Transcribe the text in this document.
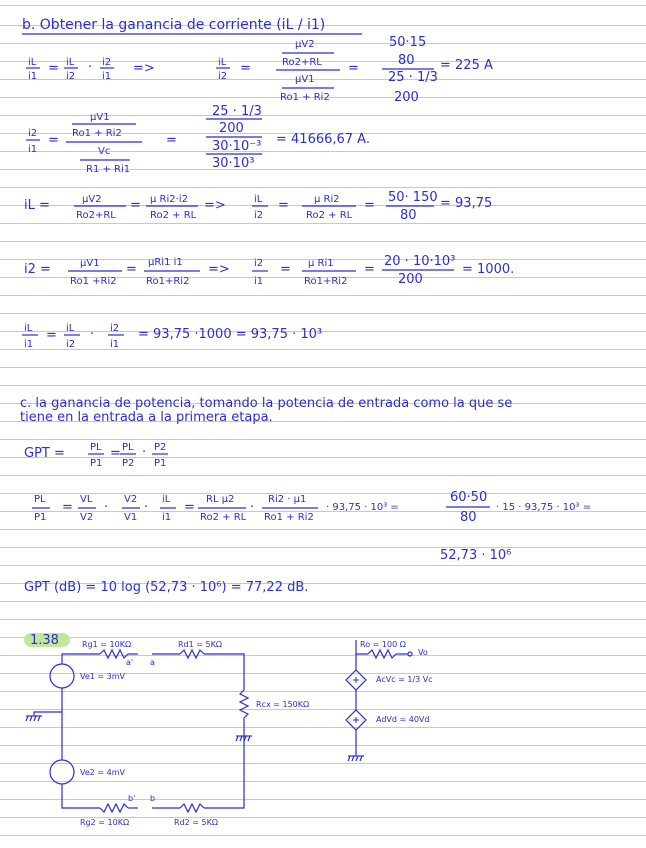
b. Obtener la ganancia de corriente (iL / i1)
iL
i1
= iL
i2
· i2
i1
=>	iL
i2
=
μV2
Ro2+RL
μV1
Ro1 + Ri2
=
50·15
80
25 · 1/3
200
= 225 A
i2
i1
=
μV1
Ro1 + Ri2
Vc
R1 + Ri1
=
25 · 1/3
200
30·10⁻³
30·10³
= 41666,67 A.
iL =	μV2
Ro2+RL
= μ Ri2·i2
Ro2 + RL
=>	iL
i2
=	μ Ri2
Ro2 + RL
=
50· 150
80
= 93,75
i2 =	μV1
Ro1 +Ri2
= μRi1 i1
Ro1+Ri2
=> i2
i1
= μ Ri1
Ro1+Ri2
=
20 · 10·10³
200
= 1000.
iL
i1
= iL
i2
· i2
i1
= 93,75 ·1000 = 93,75 · 10³
c. la ganancia de potencia, tomando la potencia de entrada como la que se
tiene en la entrada a la primera etapa.
GPT =	PL
P1
= PL
P2
· P2
P1
PL
P1
=
VL
V2
·
V2
V1
·
iL
i1
=
RL μ2
Ro2 + RL
·
Ri2 · μ1
Ro1 + Ri2
· 93,75 · 10³ =
60·50
80
· 15 · 93,75 · 10³ =
52,73 · 10⁶
GPT (dB) = 10 log (52,73 · 10⁶) = 77,22 dB.
1.38	Rg1 = 10KΩ	Rd1 = 5KΩ
a' a
Ve1 = 3mV
Ve2 = 4mV
b' b
Rg2 = 10KΩ	Rd2 = 5KΩ
Rcx = 150KΩ
Ro = 100 Ω
Vo
AcVc = 1/3 Vc
AdVd = 40Vd
